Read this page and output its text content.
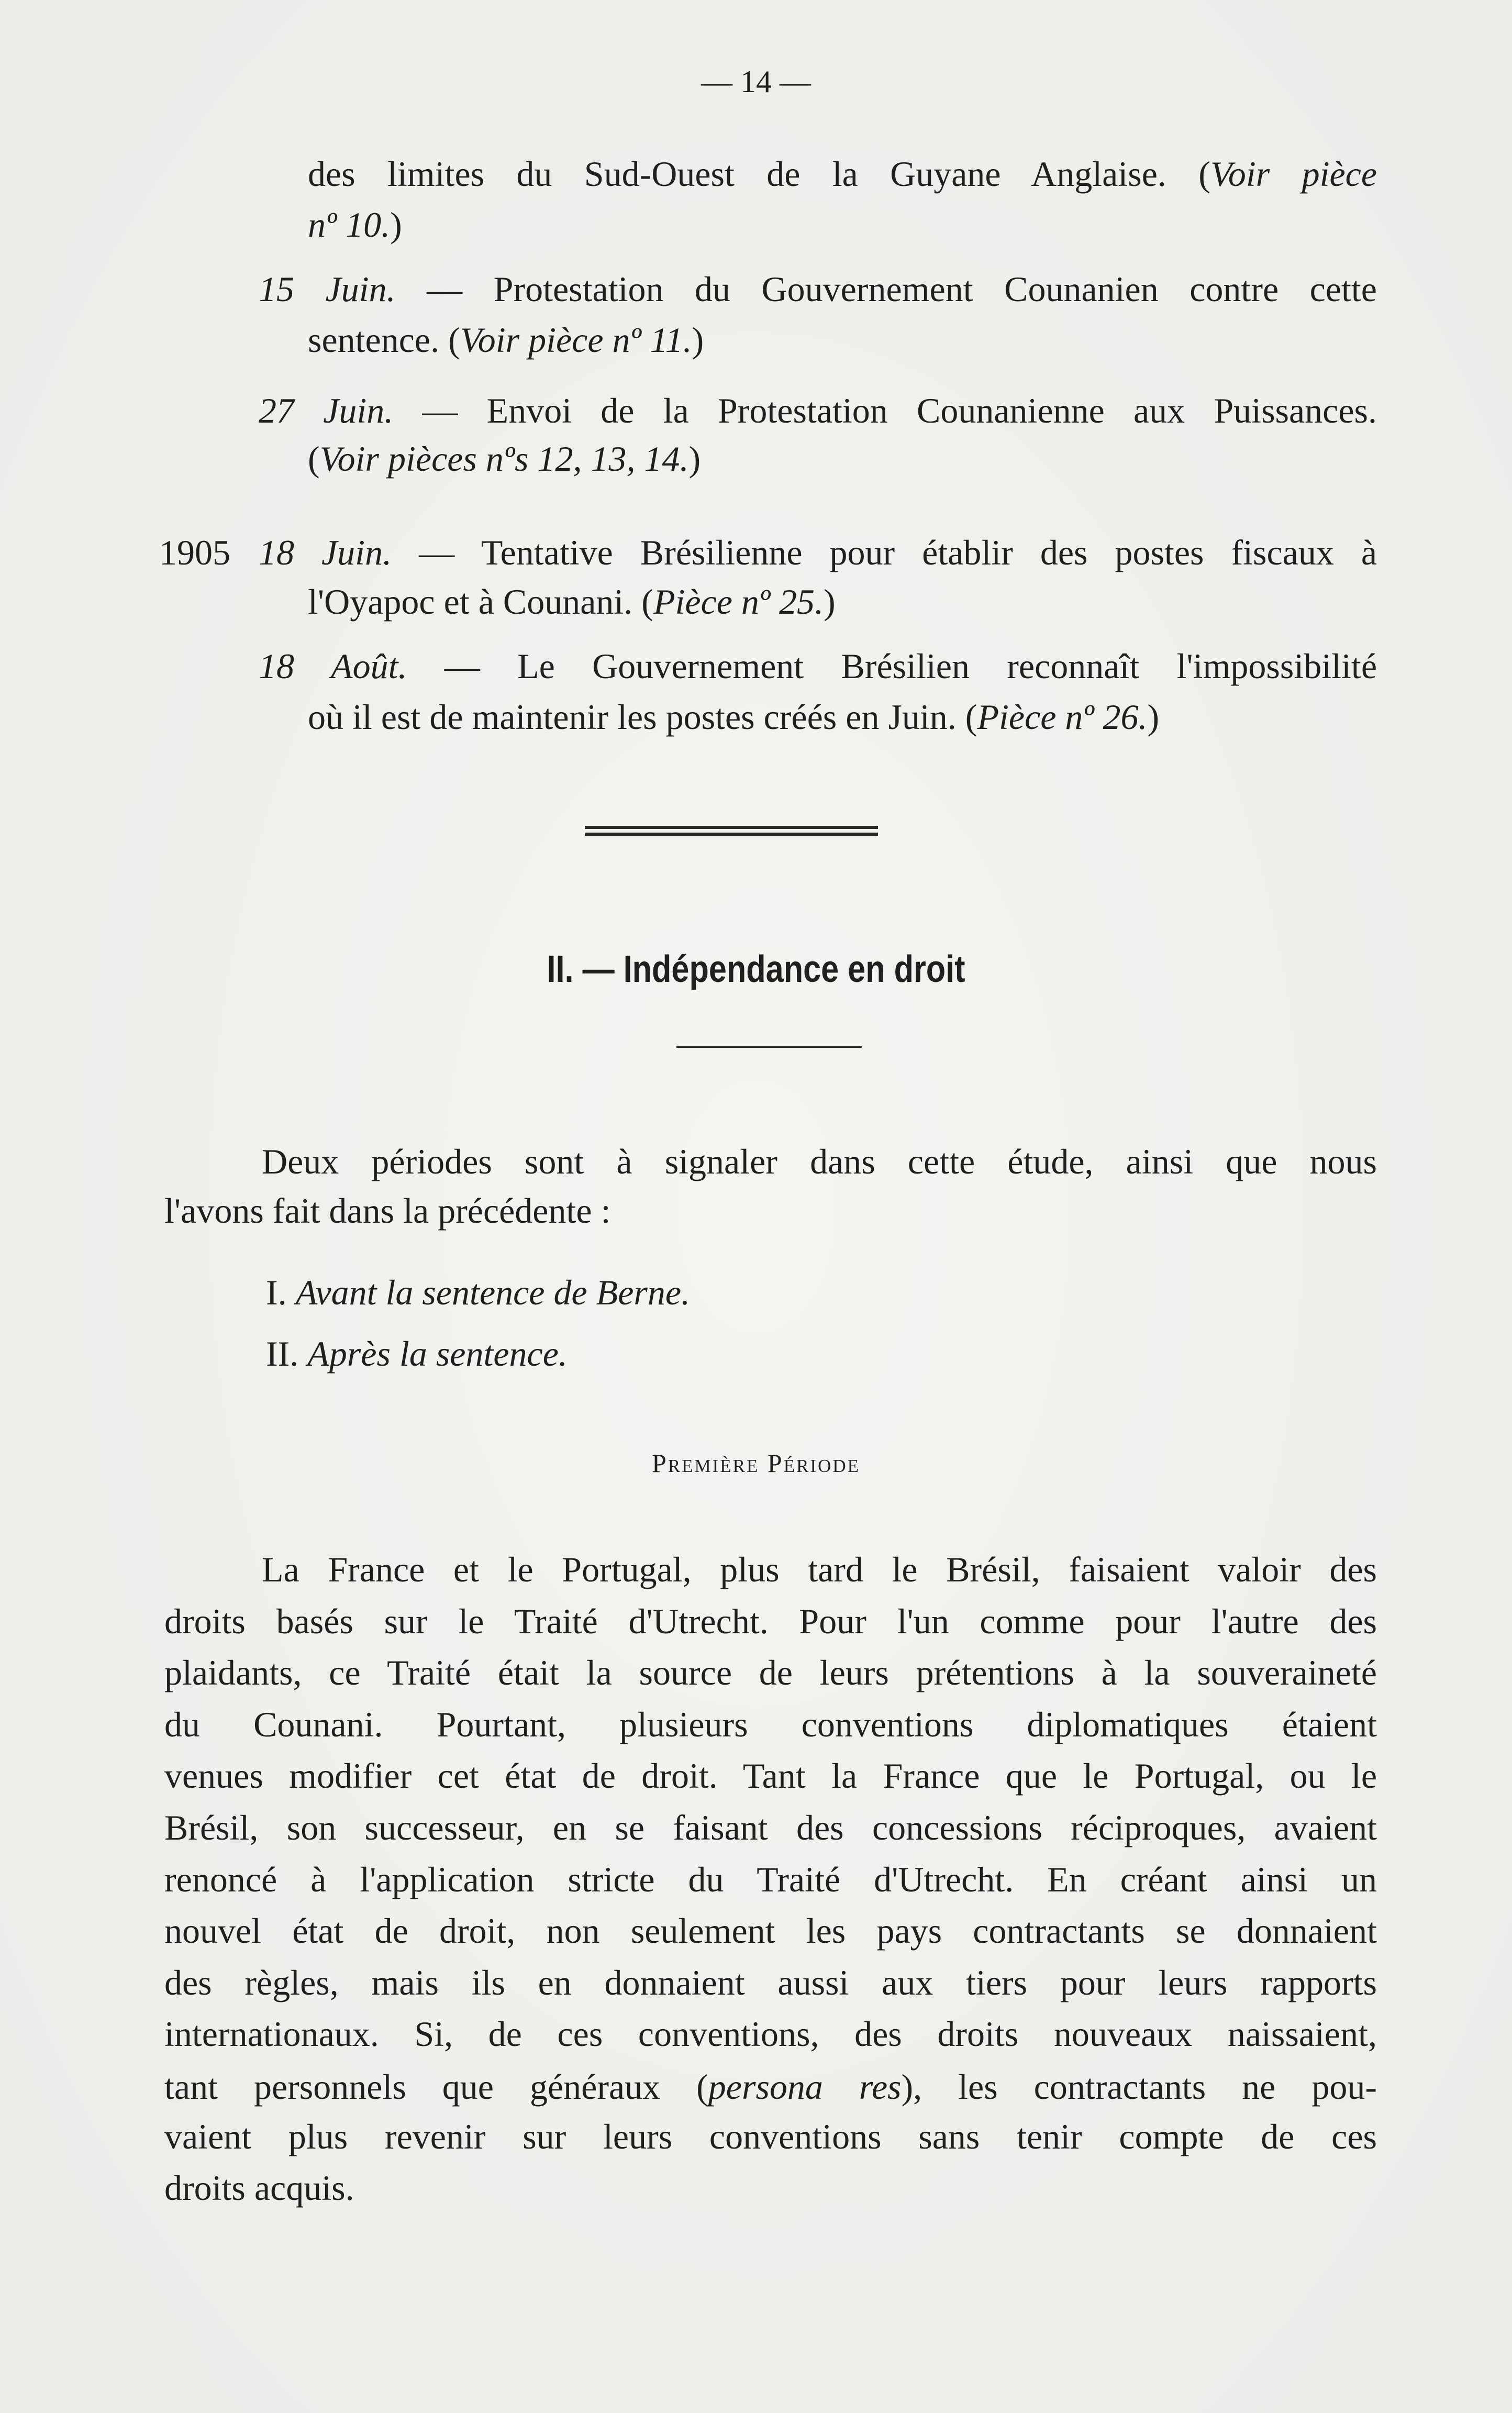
— 14 —
des limites du Sud-Ouest de la Guyane Anglaise. (Voir pièce
nº 10.)
15 Juin. — Protestation du Gouvernement Counanien contre cette
sentence. (Voir pièce nº 11.)
27 Juin. — Envoi de la Protestation Counanienne aux Puissances.
(Voir pièces nºs 12, 13, 14.)
1905 18 Juin. — Tentative Brésilienne pour établir des postes fiscaux à
l'Oyapoc et à Counani. (Pièce nº 25.)
18 Août. — Le Gouvernement Brésilien reconnaît l'impossibilité
où il est de maintenir les postes créés en Juin. (Pièce nº 26.)
II. — Indépendance en droit
Deux périodes sont à signaler dans cette étude, ainsi que nous
l'avons fait dans la précédente :
I. Avant la sentence de Berne.
II. Après la sentence.
Première Période
La France et le Portugal, plus tard le Brésil, faisaient valoir des
droits basés sur le Traité d'Utrecht. Pour l'un comme pour l'autre des
plaidants, ce Traité était la source de leurs prétentions à la souveraineté
du Counani. Pourtant, plusieurs conventions diplomatiques étaient
venues modifier cet état de droit. Tant la France que le Portugal, ou le
Brésil, son successeur, en se faisant des concessions réciproques, avaient
renoncé à l'application stricte du Traité d'Utrecht. En créant ainsi un
nouvel état de droit, non seulement les pays contractants se donnaient
des règles, mais ils en donnaient aussi aux tiers pour leurs rapports
internationaux. Si, de ces conventions, des droits nouveaux naissaient,
tant personnels que généraux (persona res), les contractants ne pou-
vaient plus revenir sur leurs conventions sans tenir compte de ces
droits acquis.
